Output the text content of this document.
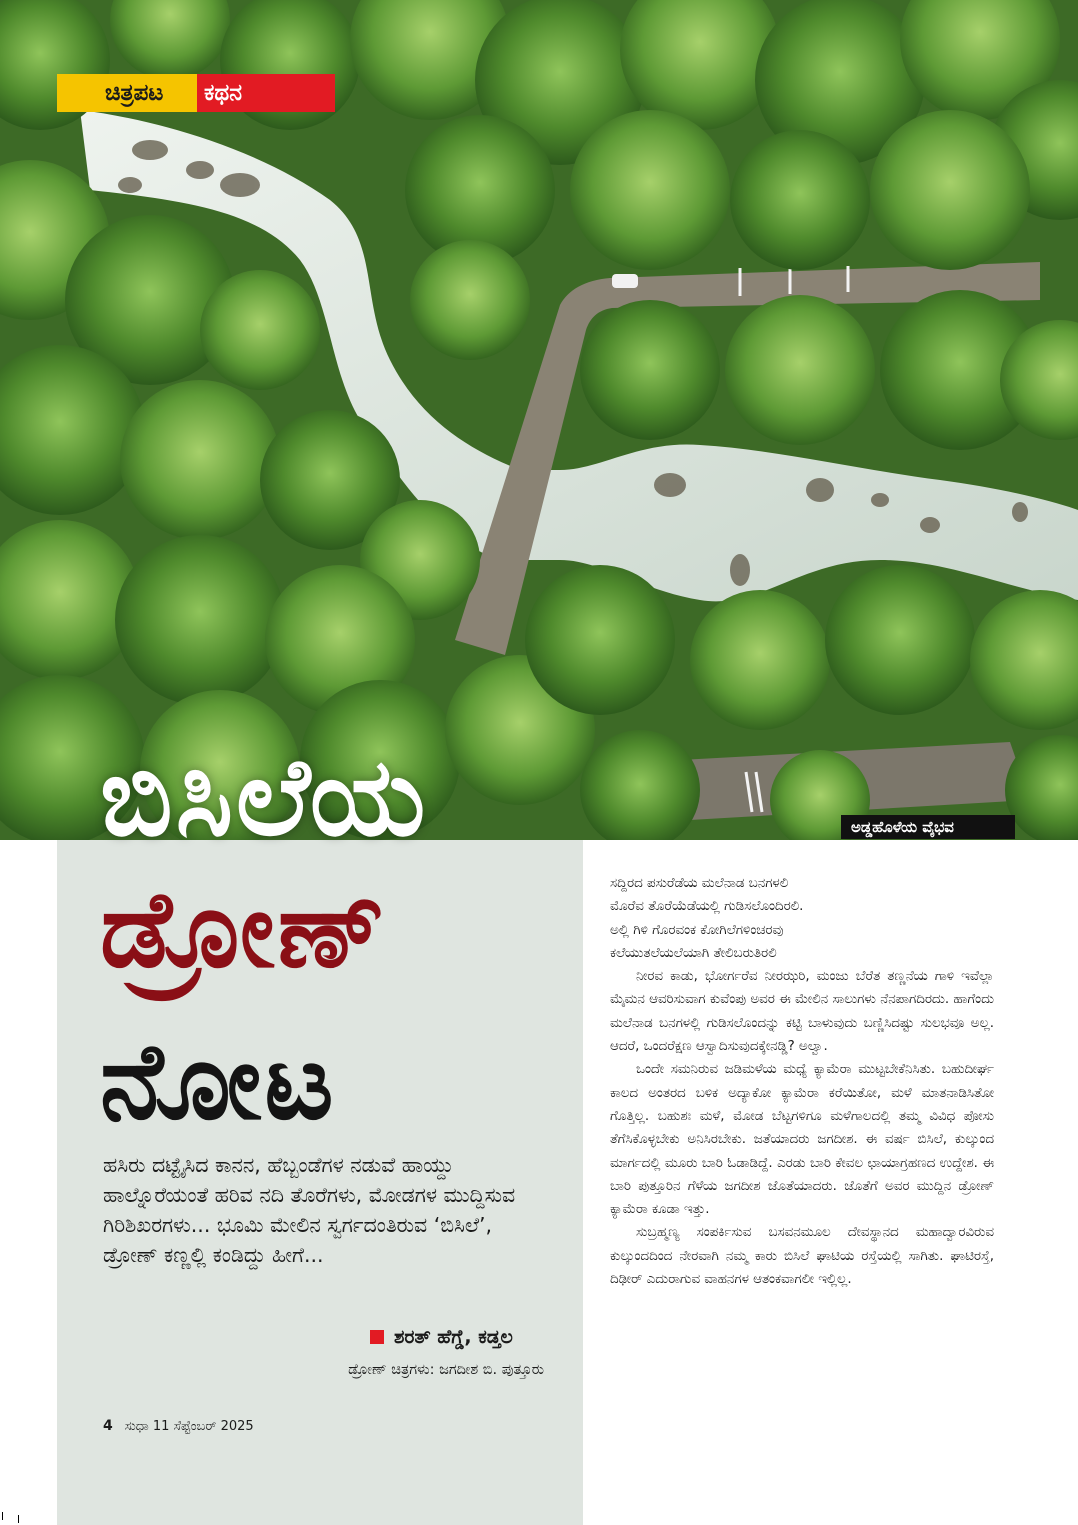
ಚಿತ್ರಪಟ	ಕಥನ
ಅಡ್ಡಹೊಳೆಯ ವೈಭವ
ಬಿಸಿಲೆಯ
ಡ್ರೋಣ್
ನೋಟ

ಹಸಿರು ದಟ್ಟೈಸಿದ ಕಾನನ, ಹೆಬ್ಬಂಡೆಗಳ ನಡುವೆ ಹಾಯ್ದು ಹಾಲ್ನೊರೆಯಂತೆ ಹರಿವ ನದಿ ತೊರೆಗಳು, ಮೋಡಗಳ ಮುದ್ದಿಸುವ ಗಿರಿಶಿಖರಗಳು... ಭೂಮಿ ಮೇಲಿನ ಸ್ವರ್ಗದಂತಿರುವ ‘ಬಿಸಿಲೆ’, ಡ್ರೋಣ್ ಕಣ್ಣಲ್ಲಿ ಕಂಡಿದ್ದು ಹೀಗೆ...

ಶರತ್ ಹೆಗ್ಡೆ, ಕಡ್ತಲ
ಡ್ರೋಣ್ ಚಿತ್ರಗಳು: ಜಗದೀಶ ಬಿ. ಪುತ್ತೂರು
4 ಸುಧಾ 11 ಸೆಪ್ಟೆಂಬರ್ 2025
ಸದ್ದಿರದ ಪಸುರೆಡೆಯ ಮಲೆನಾಡ ಬನಗಳಲಿ
ಮೊರೆವ ತೊರೆಯೆಡೆಯಲ್ಲಿ ಗುಡಿಸಲೊಂದಿರಲಿ.
ಅಲ್ಲಿ ಗಿಳಿ ಗೊರವಂಕ ಕೋಗಿಲೆಗಳಿಂಚರವು
ಕಲೆಯುತಲೆಯಲೆಯಾಗಿ ತೇಲಿಬರುತಿರಲಿ

ನೀರವ ಕಾಡು, ಭೋರ್ಗರೆವ ನೀರಝರಿ, ಮಂಜು ಬೆರೆತ ತಣ್ಣನೆಯ ಗಾಳಿ ಇವೆಲ್ಲಾ ಮೈಮನ ಆವರಿಸುವಾಗ ಕುವೆಂಪು ಅವರ ಈ ಮೇಲಿನ ಸಾಲುಗಳು ನೆನಪಾಗದಿರದು. ಹಾಗೆಂದು ಮಲೆನಾಡ ಬನಗಳಲ್ಲಿ ಗುಡಿಸಲೊಂದನ್ನು ಕಟ್ಟಿ ಬಾಳುವುದು ಬಣ್ಣಿಸಿದಷ್ಟು ಸುಲಭವೂ ಅಲ್ಲ. ಆದರೆ, ಒಂದರೆಕ್ಷಣ ಆಸ್ವಾದಿಸುವುದಕ್ಕೇನಡ್ಡಿ? ಅಲ್ವಾ.

ಒಂದೇ ಸಮನಿರುವ ಜಡಿಮಳೆಯ ಮಧ್ಯೆ ಕ್ಯಾಮೆರಾ ಮುಟ್ಟಬೇಕೆನಿಸಿತು. ಬಹುದೀರ್ಘ ಕಾಲದ ಅಂತರದ ಬಳಿಕ ಅದ್ಯಾಕೋ ಕ್ಯಾಮೆರಾ ಕರೆಯಿತೋ, ಮಳೆ ಮಾತನಾಡಿಸಿತೋ ಗೊತ್ತಿಲ್ಲ. ಬಹುಶಃ ಮಳೆ, ಮೋಡ ಬೆಟ್ಟಗಳಿಗೂ ಮಳೆಗಾಲದಲ್ಲಿ ತಮ್ಮ ವಿವಿಧ ಪೋಸು ತೆಗೆಸಿಕೊಳ್ಳಬೇಕು ಅನಿಸಿರಬೇಕು. ಜತೆಯಾದರು ಜಗದೀಶ. ಈ ವರ್ಷ ಬಿಸಿಲೆ, ಕುಲ್ಕುಂದ ಮಾರ್ಗದಲ್ಲಿ ಮೂರು ಬಾರಿ ಓಡಾಡಿದ್ದೆ. ಎರಡು ಬಾರಿ ಕೇವಲ ಛಾಯಾಗ್ರಹಣದ ಉದ್ದೇಶ. ಈ ಬಾರಿ ಪುತ್ತೂರಿನ ಗೆಳೆಯ ಜಗದೀಶ ಜೊತೆಯಾದರು. ಜೊತೆಗೆ ಅವರ ಮುದ್ದಿನ ಡ್ರೋಣ್ ಕ್ಯಾಮೆರಾ ಕೂಡಾ ಇತ್ತು.

ಸುಬ್ರಹ್ಮಣ್ಯ ಸಂಪರ್ಕಿಸುವ ಬಸವನಮೂಲ ದೇವಸ್ಥಾನದ ಮಹಾದ್ವಾರವಿರುವ ಕುಲ್ಕುಂದದಿಂದ ನೇರವಾಗಿ ನಮ್ಮ ಕಾರು ಬಿಸಿಲೆ ಘಾಟಿಯ ರಸ್ತೆಯಲ್ಲಿ ಸಾಗಿತು. ಘಾಟಿರಸ್ತೆ, ದಿಢೀರ್ ಎದುರಾಗುವ ವಾಹನಗಳ ಆತಂಕವಾಗಲೀ ಇಲ್ಲಿಲ್ಲ.
